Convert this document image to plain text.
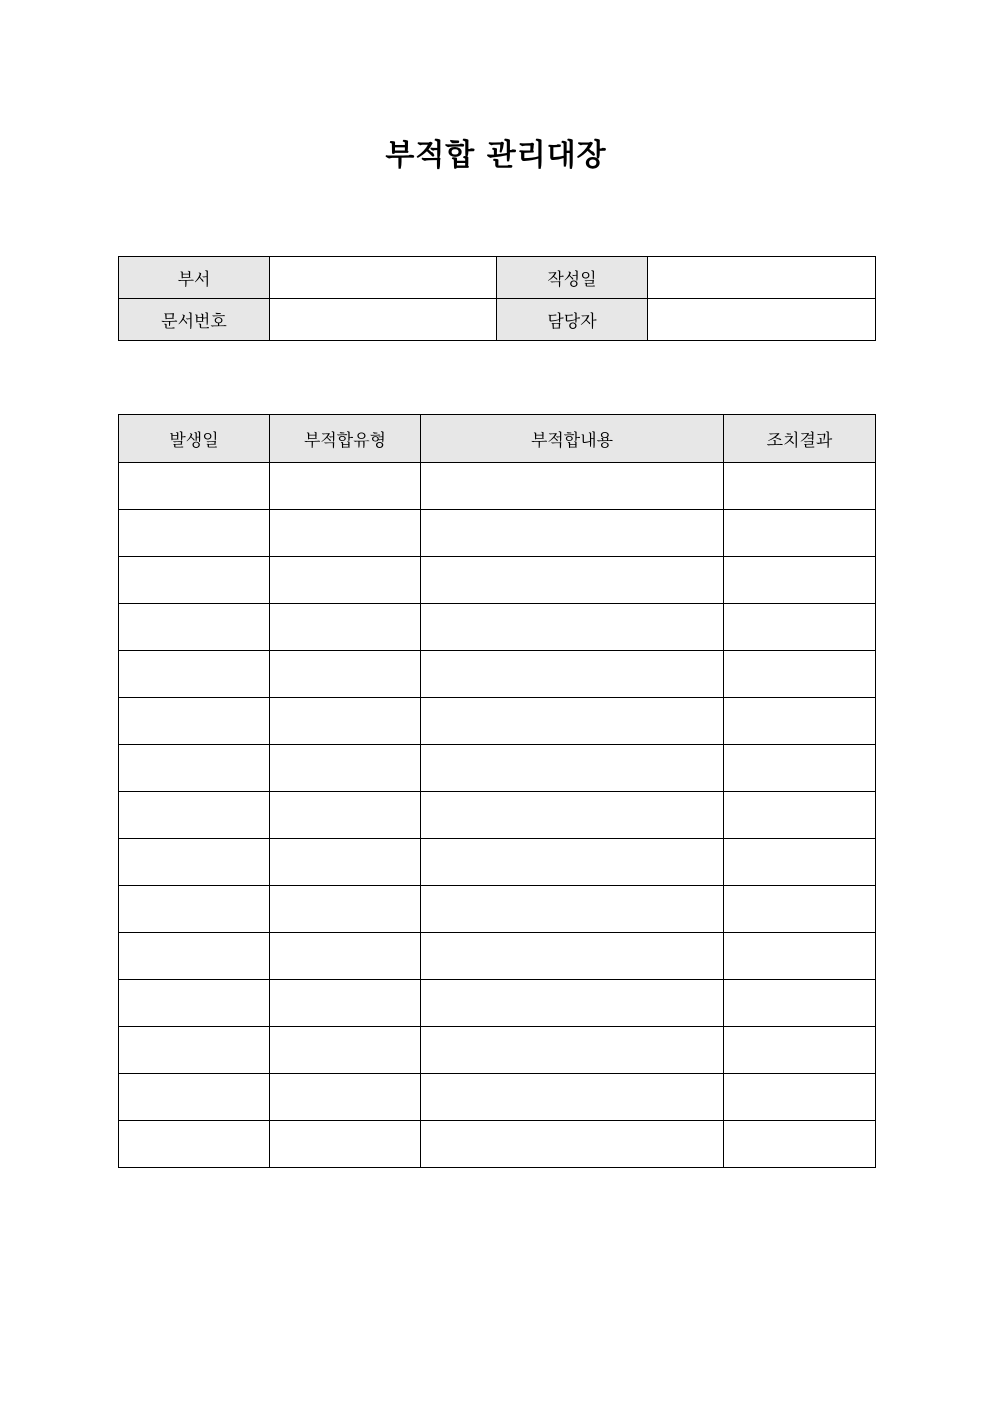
부적합 관리대장
부서		작성일	
문서번호		담당자	
발생일	부적합유형	부적합내용	조치결과
